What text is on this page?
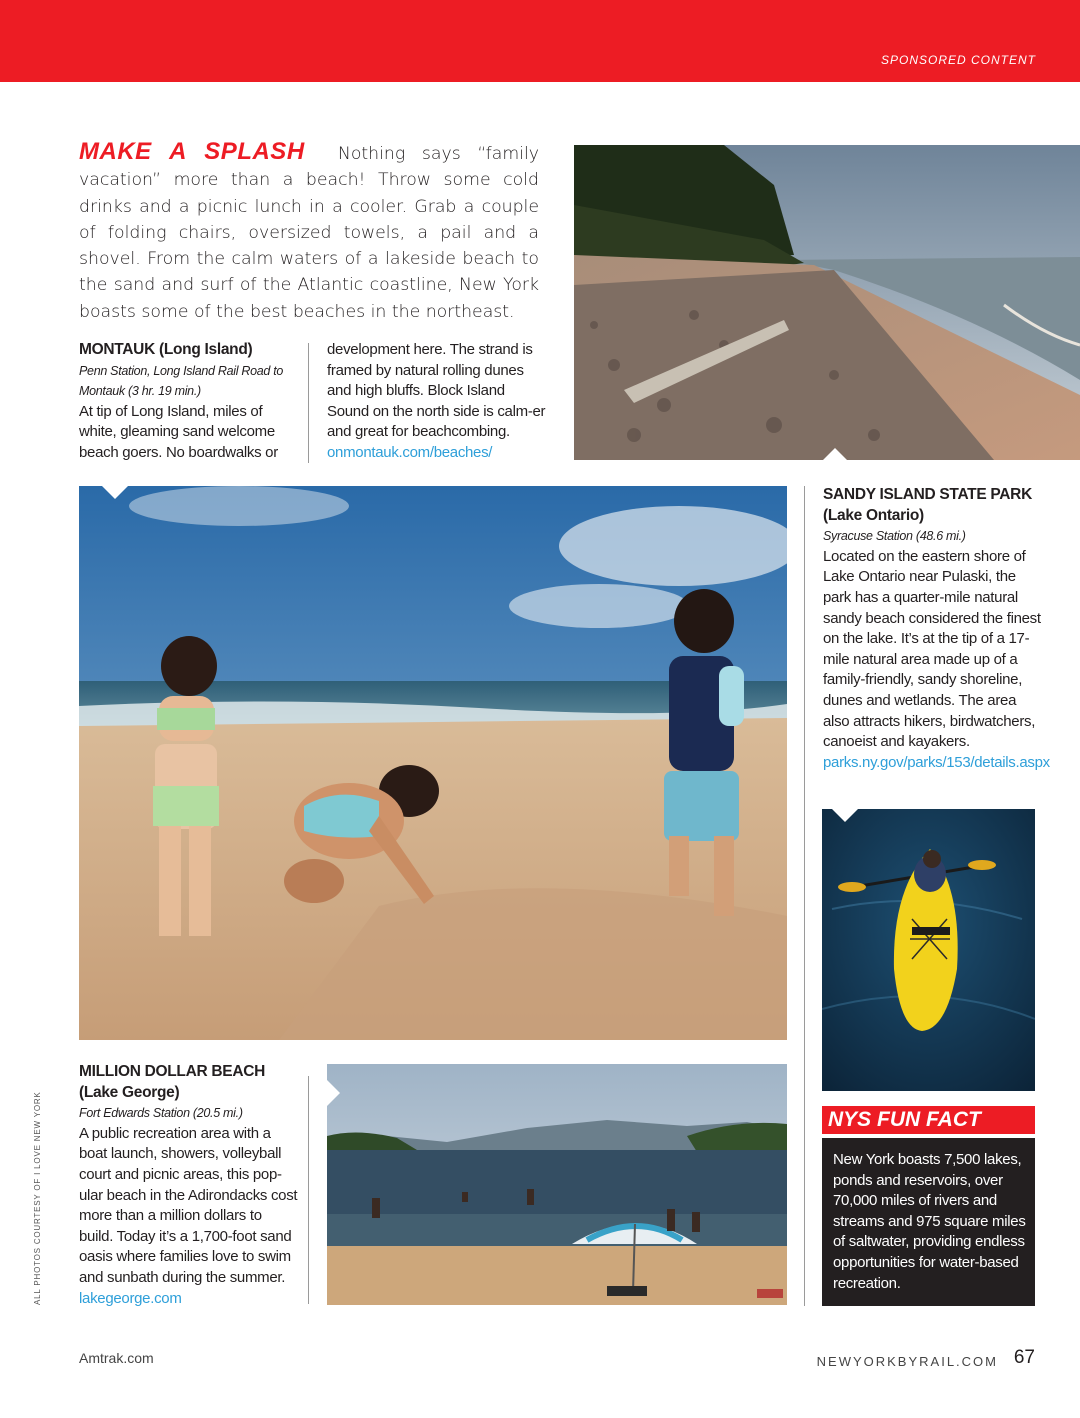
SPONSORED CONTENT
MAKE A SPLASH Nothing says “family vacation” more than a beach! Throw some cold drinks and a picnic lunch in a cooler. Grab a couple of folding chairs, oversized towels, a pail and a shovel. From the calm waters of a lakeside beach to the sand and surf of the Atlantic coastline, New York boasts some of the best beaches in the northeast.
MONTAUK (Long Island)
Penn Station, Long Island Rail Road to Montauk (3 hr. 19 min.)
At tip of Long Island, miles of white, gleaming sand welcome beach goers. No boardwalks or
development here. The strand is framed by natural rolling dunes and high bluffs. Block Island Sound on the north side is calm-er and great for beachcombing.
onmontauk.com/beaches/
SANDY ISLAND STATE PARK
(Lake Ontario)
Syracuse Station (48.6 mi.)
Located on the eastern shore of Lake Ontario near Pulaski, the park has a quarter-mile natural sandy beach considered the finest on the lake. It’s at the tip of a 17-mile natural area made up of a family-friendly, sandy shoreline, dunes and wetlands. The area also attracts hikers, birdwatchers, canoeist and kayakers.
parks.ny.gov/parks/153/details.aspx
MILLION DOLLAR BEACH
(Lake George)
Fort Edwards Station (20.5 mi.)
A public recreation area with a boat launch, showers, volleyball court and picnic areas, this pop-ular beach in the Adirondacks cost more than a million dollars to build. Today it’s a 1,700-foot sand oasis where families love to swim and sunbath during the summer. lakegeorge.com
NYS FUN FACT
New York boasts 7,500 lakes, ponds and reservoirs, over 70,000 miles of rivers and streams and 975 square miles of saltwater, providing endless opportunities for water-based recreation.
ALL PHOTOS COURTESY OF I LOVE NEW YORK
Amtrak.com	NEWYORKBYRAIL.COM 67
